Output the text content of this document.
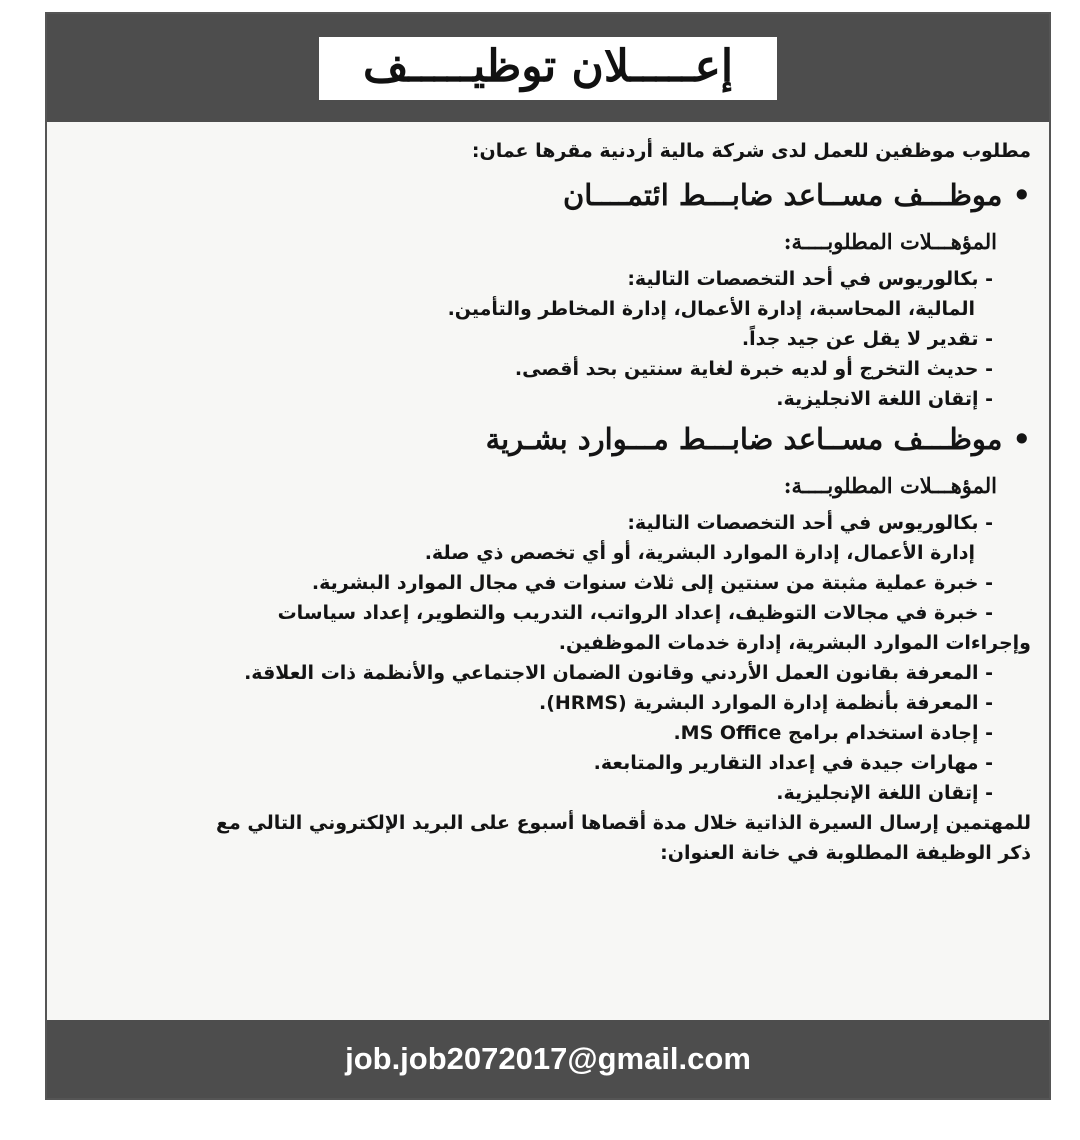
إعـــــلان توظيـــــف
مطلوب موظفين للعمل لدى شركة مالية أردنية مقرها عمان:
•موظـــف مســاعد ضابـــط ائتمــــان
المؤهـــلات المطلوبــــة:
- بكالوريوس في أحد التخصصات التالية:
المالية، المحاسبة، إدارة الأعمال، إدارة المخاطر والتأمين.
- تقدير لا يقل عن جيد جداً.
- حديث التخرج أو لديه خبرة لغاية سنتين بحد أقصى.
- إتقان اللغة الانجليزية.
•موظـــف مســاعد ضابـــط مـــوارد بشـرية
المؤهـــلات المطلوبــــة:
- بكالوريوس في أحد التخصصات التالية:
إدارة الأعمال، إدارة الموارد البشرية، أو أي تخصص ذي صلة.
- خبرة عملية مثبتة من سنتين إلى ثلاث سنوات في مجال الموارد البشرية.
- خبرة في مجالات التوظيف، إعداد الرواتب، التدريب والتطوير، إعداد سياسات
وإجراءات الموارد البشرية، إدارة خدمات الموظفين.
- المعرفة بقانون العمل الأردني وقانون الضمان الاجتماعي والأنظمة ذات العلاقة.
- المعرفة بأنظمة إدارة الموارد البشرية (HRMS).
- إجادة استخدام برامج MS Office.
- مهارات جيدة في إعداد التقارير والمتابعة.
- إتقان اللغة الإنجليزية.
للمهتمين إرسال السيرة الذاتية خلال مدة أقصاها أسبوع على البريد الإلكتروني التالي مع
ذكر الوظيفة المطلوبة في خانة العنوان:
job.job2072017@gmail.com
